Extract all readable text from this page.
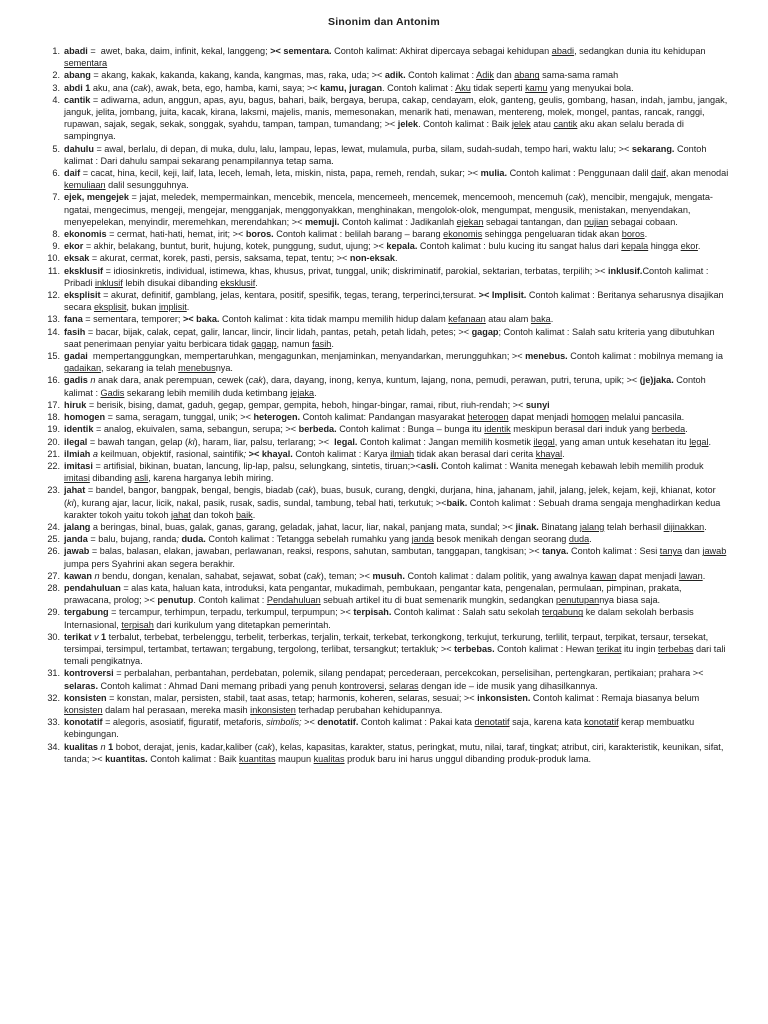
Sinonim dan Antonim
1. abadi =  awet, baka, daim, infinit, kekal, langgeng; >< sementara. Contoh kalimat: Akhirat dipercaya sebagai kehidupan abadi, sedangkan dunia itu kehidupan sementara
2. abang = akang, kakak, kakanda, kakang, kanda, kangmas, mas, raka, uda; >< adik. Contoh kalimat : Adik dan abang sama-sama ramah
3. abdi 1 aku, ana (cak), awak, beta, ego, hamba, kami, saya; >< kamu, juragan. Contoh kalimat : Aku tidak seperti kamu yang menyukai bola.
4. cantik = adiwarna, adun, anggun, apas, ayu, bagus, bahari, baik, bergaya, berupa, cakap, cendayam, elok, ganteng, geulis, gombang, hasan, indah, jambu, jangak, janguk, jelita, jombang, juita, kacak, kirana, laksmi, majelis, manis, memesonakan, menarik hati, menawan, mentereng, molek, mongel, pantas, rancak, ranggi, rupawan, sajak, segak, sekak, songgak, syahdu, tampan, tampan, tumandang; >< jelek. Contoh kalimat : Baik jelek atau cantik aku akan selalu berada di sampingnya.
5. dahulu = awal, berlalu, di depan, di muka, dulu, lalu, lampau, lepas, lewat, mulamula, purba, silam, sudah-sudah, tempo hari, waktu lalu; >< sekarang. Contoh kalimat : Dari dahulu sampai sekarang penampilannya tetap sama.
6. daif = cacat, hina, kecil, keji, laif, lata, leceh, lemah, leta, miskin, nista, papa, remeh, rendah, sukar; >< mulia. Contoh kalimat : Penggunaan dalil daif, akan menodai kemuliaan dalil sesungguhnya.
7. ejek, mengejek = jajat, meledek, mempermainkan, mencebik, mencela, mencemeeh, mencemek, mencemooh, mencemuh (cak), mencibir, mengajuk, mengata-ngatai, mengecimus, mengeji, mengejar, mengganjak, menggonyakkan, menghinakan, mengolok-olok, mengumpat, mengusik, menistakan, menyendakan, menyepelekan, menyindir, meremehkan, merendahkan; >< memuji. Contoh kalimat : Jadikanlah ejekan sebagai tantangan, dan pujian sebagai cobaan.
8. ekonomis = cermat, hati-hati, hemat, irit; >< boros. Contoh kalimat : belilah barang – barang ekonomis sehingga pengeluaran tidak akan boros.
9. ekor = akhir, belakang, buntut, burit, hujung, kotek, punggung, sudut, ujung; >< kepala. Contoh kalimat : bulu kucing itu sangat halus dari kepala hingga ekor.
10. eksak = akurat, cermat, korek, pasti, persis, saksama, tepat, tentu; >< non-eksak.
11. eksklusif = idiosinkretis, individual, istimewa, khas, khusus, privat, tunggal, unik; diskriminatif, parokial, sektarian, terbatas, terpilih; >< inklusif.Contoh kalimat : Pribadi inklusif lebih disukai dibanding eksklusif.
12. eksplisit = akurat, definitif, gamblang, jelas, kentara, positif, spesifik, tegas, terang, terperinci,tersurat. >< Implisit. Contoh kalimat : Beritanya seharusnya disajikan secara eksplisit, bukan implisit.
13. fana = sementara, temporer; >< baka. Contoh kalimat : kita tidak mampu memilih hidup dalam kefanaan atau alam baka.
14. fasih = bacar, bijak, calak, cepat, galir, lancar, lincir, lincir lidah, pantas, petah, petah lidah, petes; >< gagap; Contoh kalimat : Salah satu kriteria yang dibutuhkan saat penerimaan penyiar yaitu berbicara tidak gagap, namun fasih.
15. gadai  mempertanggungkan, mempertaruhkan, mengagunkan, menjaminkan, menyandarkan, merungguhkan; >< menebus. Contoh kalimat : mobilnya memang ia gadaikan, sekarang ia telah menebusnya.
16. gadis n anak dara, anak perempuan, cewek (cak), dara, dayang, inong, kenya, kuntum, lajang, nona, pemudi, perawan, putri, teruna, upik; >< (je)jaka. Contoh kalimat : Gadis sekarang lebih memilih duda ketimbang jejaka.
17. hiruk = berisik, bising, damat, gaduh, gegap, gempar, gempita, heboh, hingar-bingar, ramai, ribut, riuh-rendah; >< sunyi
18. homogen = sama, seragam, tunggal, unik; >< heterogen. Contoh kalimat: Pandangan masyarakat heterogen dapat menjadi homogen melalui pancasila.
19. identik = analog, ekuivalen, sama, sebangun, serupa; >< berbeda. Contoh kalimat : Bunga – bunga itu identik meskipun berasal dari induk yang berbeda.
20. ilegal = bawah tangan, gelap (ki), haram, liar, palsu, terlarang; ><  legal. Contoh kalimat : Jangan memilih kosmetik ilegal, yang aman untuk kesehatan itu legal.
21. ilmiah a keilmuan, objektif, rasional, saintifik; >< khayal. Contoh kalimat : Karya ilmiah tidak akan berasal dari cerita khayal.
22. imitasi = artifisial, bikinan, buatan, lancung, lip-lap, palsu, selungkang, sintetis, tiruan;><asli. Contoh kalimat : Wanita menegah kebawah lebih memilih produk imitasi dibanding asli, karena harganya lebih miring.
23. jahat = bandel, bangor, bangpak, bengal, bengis, biadab (cak), buas, busuk, curang, dengki, durjana, hina, jahanam, jahil, jalang, jelek, kejam, keji, khianat, kotor (ki), kurang ajar, lacur, licik, nakal, pasik, rusak, sadis, sundal, tambung, tebal hati, terkutuk; ><baik. Contoh kalimat : Sebuah drama sengaja menghadirkan kedua karakter tokoh yaitu tokoh jahat dan tokoh baik.
24. jalang a beringas, binal, buas, galak, ganas, garang, geladak, jahat, lacur, liar, nakal, panjang mata, sundal; >< jinak. Binatang jalang telah berhasil dijinakkan.
25. janda = balu, bujang, randa; duda. Contoh kalimat : Tetangga sebelah rumahku yang janda besok menikah dengan seorang duda.
26. jawab = balas, balasan, elakan, jawaban, perlawanan, reaksi, respons, sahutan, sambutan, tanggapan, tangkisan; >< tanya. Contoh kalimat : Sesi tanya dan jawab jumpa pers Syahrini akan segera berakhir.
27. kawan n bendu, dongan, kenalan, sahabat, sejawat, sobat (cak), teman; >< musuh. Contoh kalimat : dalam politik, yang awalnya kawan dapat menjadi lawan.
28. pendahuluan = alas kata, haluan kata, introduksi, kata pengantar, mukadimah, pembukaan, pengantar kata, pengenalan, permulaan, pimpinan, prakata, prawacana, prolog; >< penutup. Contoh kalimat : Pendahuluan sebuah artikel itu di buat semenarik mungkin, sedangkan penutupannya biasa saja.
29. tergabung = tercampur, terhimpun, terpadu, terkumpul, terpumpun; >< terpisah. Contoh kalimat : Salah satu sekolah tergabung ke dalam sekolah berbasis Internasional, terpisah dari kurikulum yang ditetapkan pemerintah.
30. terikat v 1 terbalut, terbebat, terbelenggu, terbelit, terberkas, terjalin, terkait, terkebat, terkongkong, terkujut, terkurung, terlilit, terpaut, terpikat, tersaur, tersekat, tersimpai, tersimpul, tertambat, tertawan; tergabung, tergolong, terlibat, tersangkut; tertakluk; >< terbebas. Contoh kalimat : Hewan terikat itu ingin terbebas dari tali temali pengikatnya.
31. kontroversi = perbalahan, perbantahan, perdebatan, polemik, silang pendapat; percederaan, percekcokan, perselisihan, pertengkaran, pertikaian; prahara >< selaras. Contoh kalimat : Ahmad Dani memang pribadi yang penuh kontroversi, selaras dengan ide – ide musik yang dihasilkannya.
32. konsisten = konstan, malar, persisten, stabil, taat asas, tetap; harmonis, koheren, selaras, sesuai; >< inkonsisten. Contoh kalimat : Remaja biasanya belum konsisten dalam hal perasaan, mereka masih inkonsisten terhadap perubahan kehidupannya.
33. konotatif = alegoris, asosiatif, figuratif, metaforis, simbolis; >< denotatif. Contoh kalimat : Pakai kata denotatif saja, karena kata konotatif kerap membuatku kebingungan.
34. kualitas n 1 bobot, derajat, jenis, kadar,kaliber (cak), kelas, kapasitas, karakter, status, peringkat, mutu, nilai, taraf, tingkat; atribut, ciri, karakteristik, keunikan, sifat, tanda; >< kuantitas. Contoh kalimat : Baik kuantitas maupun kualitas produk baru ini harus unggul dibanding produk-produk lama.
